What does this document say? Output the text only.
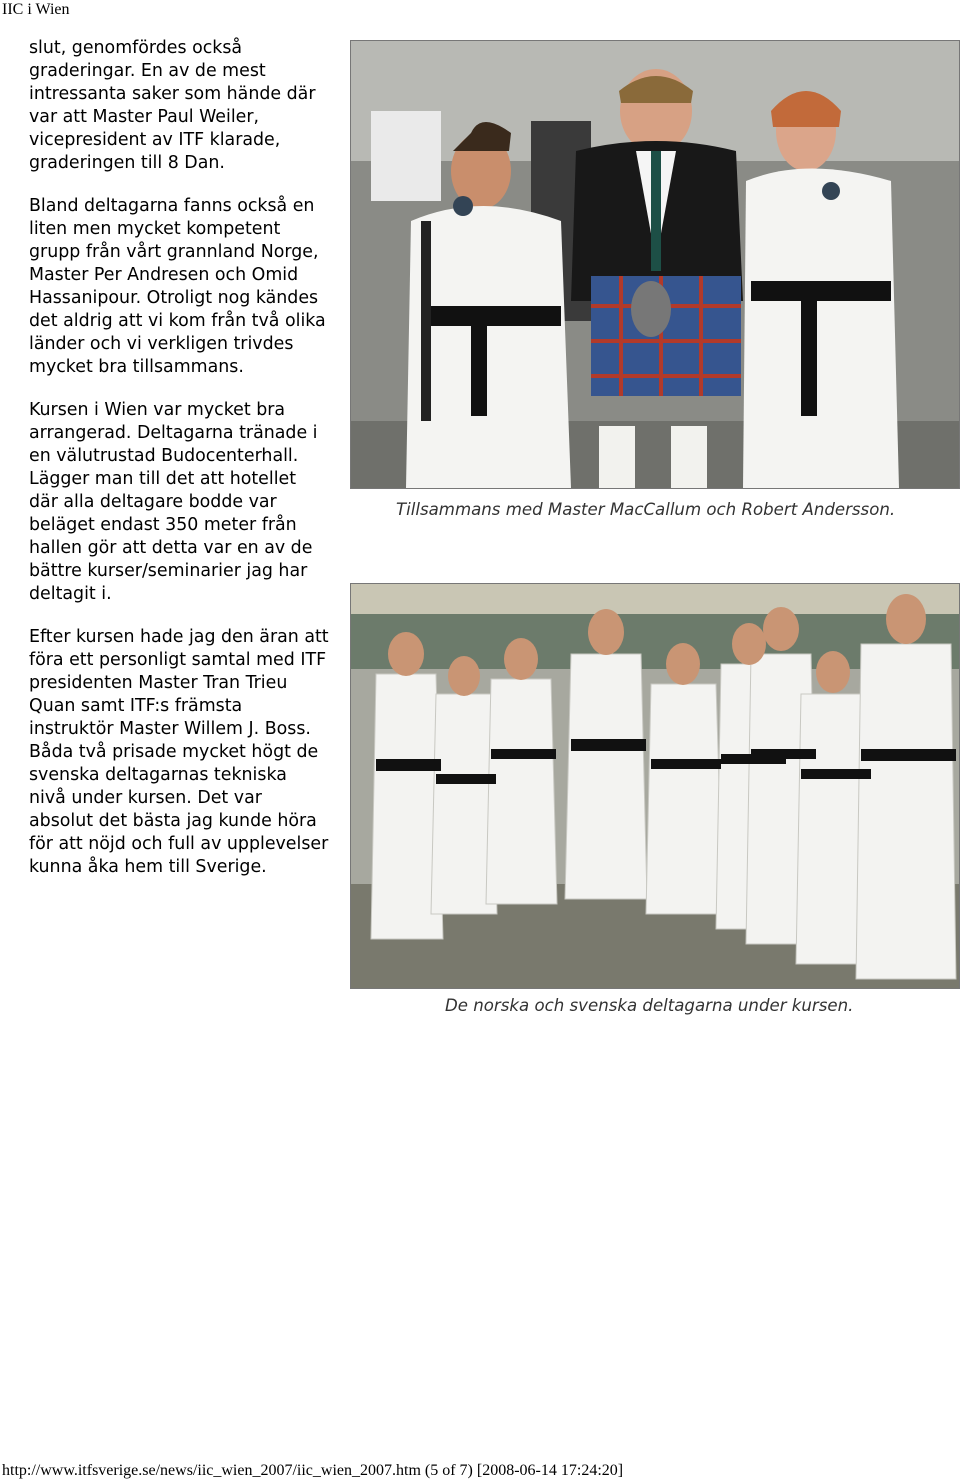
IIC i Wien

slut, genomfördes också graderingar. En av de mest intressanta saker som hände där var att Master Paul Weiler, vicepresident av ITF klarade, graderingen till 8 Dan.

Bland deltagarna fanns också en liten men mycket kompetent grupp från vårt grannland Norge, Master Per Andresen och Omid Hassanipour. Otroligt nog kändes det aldrig att vi kom från två olika länder och vi verkligen trivdes mycket bra tillsammans.

Kursen i Wien var mycket bra arrangerad. Deltagarna tränade i en välutrustad Budocenterhall. Lägger man till det att hotellet där alla deltagare bodde var beläget endast 350 meter från hallen gör att detta var en av de bättre kurser/seminarier jag har deltagit i.

Efter kursen hade jag den äran att föra ett personligt samtal med ITF presidenten Master Tran Trieu Quan samt ITF:s främsta instruktör Master Willem J. Boss. Båda två prisade mycket högt de svenska deltagarnas tekniska nivå under kursen. Det var absolut det bästa jag kunde höra för att nöjd och full av upplevelser kunna åka hem till Sverige.

Tillsammans med Master MacCallum och Robert Andersson.
De norska och svenska deltagarna under kursen.
http://www.itfsverige.se/news/iic_wien_2007/iic_wien_2007.htm (5 of 7) [2008-06-14 17:24:20]
